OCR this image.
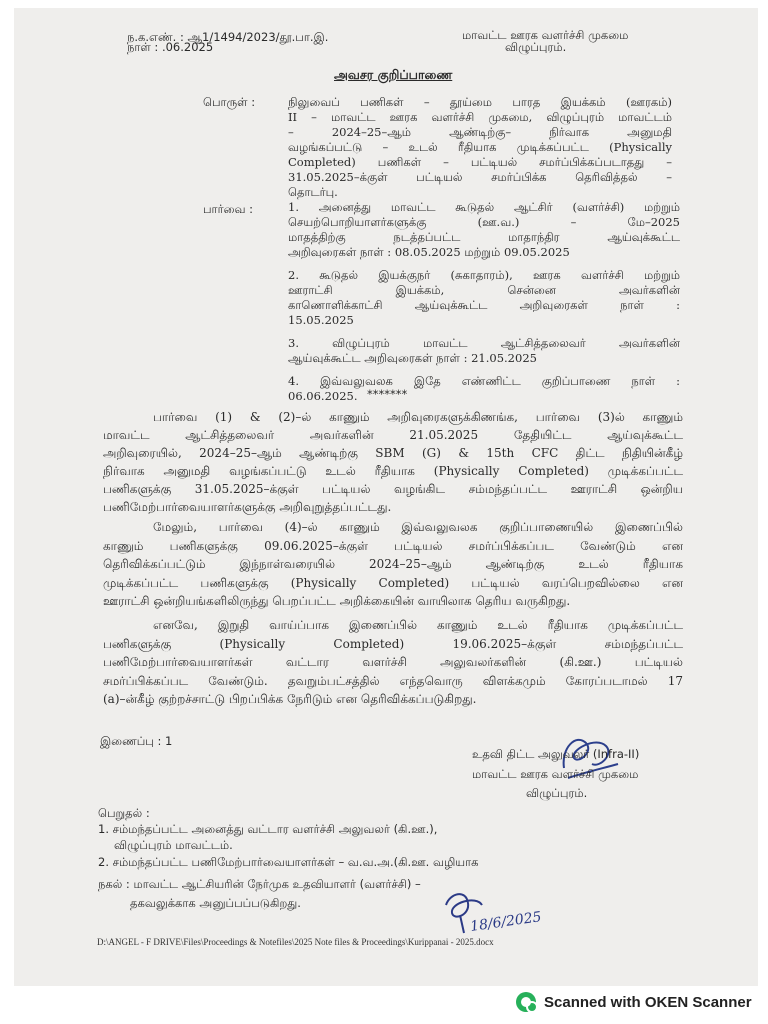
ந.க.எண். : ஆ1/1494/2023/தூ.பா.இ.
நாள் : .06.2025
மாவட்ட ஊரக வளர்ச்சி முகமை
விழுப்புரம்.
அவசர குறிப்பாணை
பொருள் :	நிலுவைப் பணிகள் – தூய்மை பாரத இயக்கம் (ஊரகம்)
II – மாவட்ட ஊரக வளர்ச்சி முகமை, விழுப்புரம் மாவட்டம்
– 2024–25–ஆம் ஆண்டிற்கு– நிர்வாக அனுமதி
வழங்கப்பட்டு – உடல் ரீதியாக முடிக்கப்பட்ட (Physically
Completed) பணிகள் – பட்டியல் சமர்ப்பிக்கப்படாதது –
31.05.2025–க்குள் பட்டியல் சமர்ப்பிக்க தெரிவித்தல் –
தொடர்பு.
பார்வை :	1. அனைத்து மாவட்ட கூடுதல் ஆட்சிர் (வளர்ச்சி) மற்றும்
செயற்பொறியாளர்களுக்கு (ஊ.வ.) – மே–2025
மாதத்திற்கு நடத்தப்பட்ட மாதாந்திர ஆய்வுக்கூட்ட
அறிவுரைகள் நாள் : 08.05.2025 மற்றும் 09.05.2025
2. கூடுதல் இயக்குநர் (சுகாதாரம்), ஊரக வளர்ச்சி மற்றும்
ஊராட்சி இயக்கம், சென்னை அவர்களின்
காணொளிக்காட்சி ஆய்வுக்கூட்ட அறிவுரைகள் நாள் :
15.05.2025
3. விழுப்புரம் மாவட்ட ஆட்சித்தலைவர் அவர்களின்
ஆய்வுக்கூட்ட அறிவுரைகள் நாள் : 21.05.2025
4. இவ்வலுவலக இதே எண்ணிட்ட குறிப்பாணை நாள் :
06.06.2025. *******
பார்வை (1) & (2)–ல் காணும் அறிவுரைகளுக்கிணங்க, பார்வை (3)ல் காணும்
மாவட்ட ஆட்சித்தலைவர் அவர்களின் 21.05.2025 தேதியிட்ட ஆய்வுக்கூட்ட
அறிவுரையில், 2024–25–ஆம் ஆண்டிற்கு SBM (G) & 15th CFC திட்ட நிதியின்கீழ்
நிர்வாக அனுமதி வழங்கப்பட்டு உடல் ரீதியாக (Physically Completed) முடிக்கப்பட்ட
பணிகளுக்கு 31.05.2025–க்குள் பட்டியல் வழங்கிட சம்மந்தப்பட்ட ஊராட்சி ஒன்றிய
பணிமேற்பார்வையாளர்களுக்கு அறிவுறுத்தப்பட்டது.
மேலும், பார்வை (4)–ல் காணும் இவ்வலுவலக குறிப்பாணையில் இணைப்பில்
காணும் பணிகளுக்கு 09.06.2025–க்குள் பட்டியல் சமர்ப்பிக்கப்பட வேண்டும் என
தெரிவிக்கப்பட்டும் இந்நாள்வரையில் 2024–25–ஆம் ஆண்டிற்கு உடல் ரீதியாக
முடிக்கப்பட்ட பணிகளுக்கு (Physically Completed) பட்டியல் வரப்பெறவில்லை என
ஊராட்சி ஒன்றியங்களிலிருந்து பெறப்பட்ட அறிக்கையின் வாயிலாக தெரிய வருகிறது.
எனவே, இறுதி வாய்ப்பாக இணைப்பில் காணும் உடல் ரீதியாக முடிக்கப்பட்ட
பணிகளுக்கு (Physically Completed) 19.06.2025–க்குள் சம்மந்தப்பட்ட
பணிமேற்பார்வையாளர்கள் வட்டார வளர்ச்சி அலுவலர்களின் (கி.ஊ.) பட்டியல்
சமர்ப்பிக்கப்பட வேண்டும். தவறும்பட்சத்தில் எந்தவொரு விளக்கமும் கோரப்படாமல் 17
(a)–ன்கீழ் குற்றச்சாட்டு பிறப்பிக்க நேரிடும் என தெரிவிக்கப்படுகிறது.
இணைப்பு : 1
உதவி திட்ட அலுவலர் (Infra-II)
மாவட்ட ஊரக வளர்ச்சி முகமை
விழுப்புரம்.
பெறுதல் :
1. சம்மந்தப்பட்ட அனைத்து வட்டார வளர்ச்சி அலுவலர் (கி.ஊ.),
விழுப்புரம் மாவட்டம்.
2. சம்மந்தப்பட்ட பணிமேற்பார்வையாளர்கள் – வ.வ.அ.(கி.ஊ. வழியாக
நகல் : மாவட்ட ஆட்சியரின் நேர்முக உதவியாளர் (வளர்ச்சி) –
தகவலுக்காக அனுப்பப்படுகிறது.
18/6/2025
D:\ANGEL - F DRIVE\Files\Proceedings & Notefiles\2025 Note files & Proceedings\Kurippanai - 2025.docx
Scanned with OKEN Scanner
